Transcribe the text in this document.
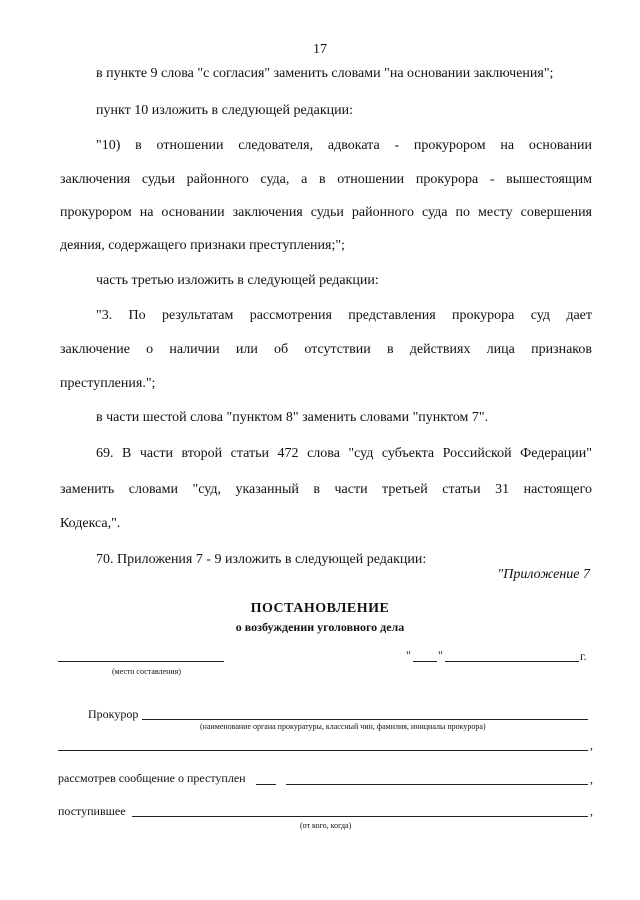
17
в пункте 9 слова "с согласия" заменить словами "на основании заключения";
пункт 10 изложить в следующей редакции:
"10) в отношении следователя, адвоката - прокурором на основании
заключения судьи районного суда, а в отношении прокурора - вышестоящим
прокурором на основании заключения судьи районного суда по месту совершения
деяния, содержащего признаки преступления;";
часть третью изложить в следующей редакции:
"3. По результатам рассмотрения представления прокурора суд дает
заключение о наличии или об отсутствии в действиях лица признаков
преступления.";
в части шестой слова "пунктом 8" заменить словами "пунктом 7".
69. В части второй статьи 472 слова "суд субъекта Российской Федерации"
заменить словами "суд, указанный в части третьей статьи 31 настоящего
Кодекса,".
70. Приложения 7 - 9 изложить в следующей редакции:
"Приложение 7
ПОСТАНОВЛЕНИЕ
о возбуждении уголовного дела
(место составления)
" "	г.
Прокурор
(наименование органа прокуратуры, классный чин, фамилия, инициалы прокурора)
,
рассмотрев сообщение о преступлен	,
поступившее	,
(от кого, когда)
